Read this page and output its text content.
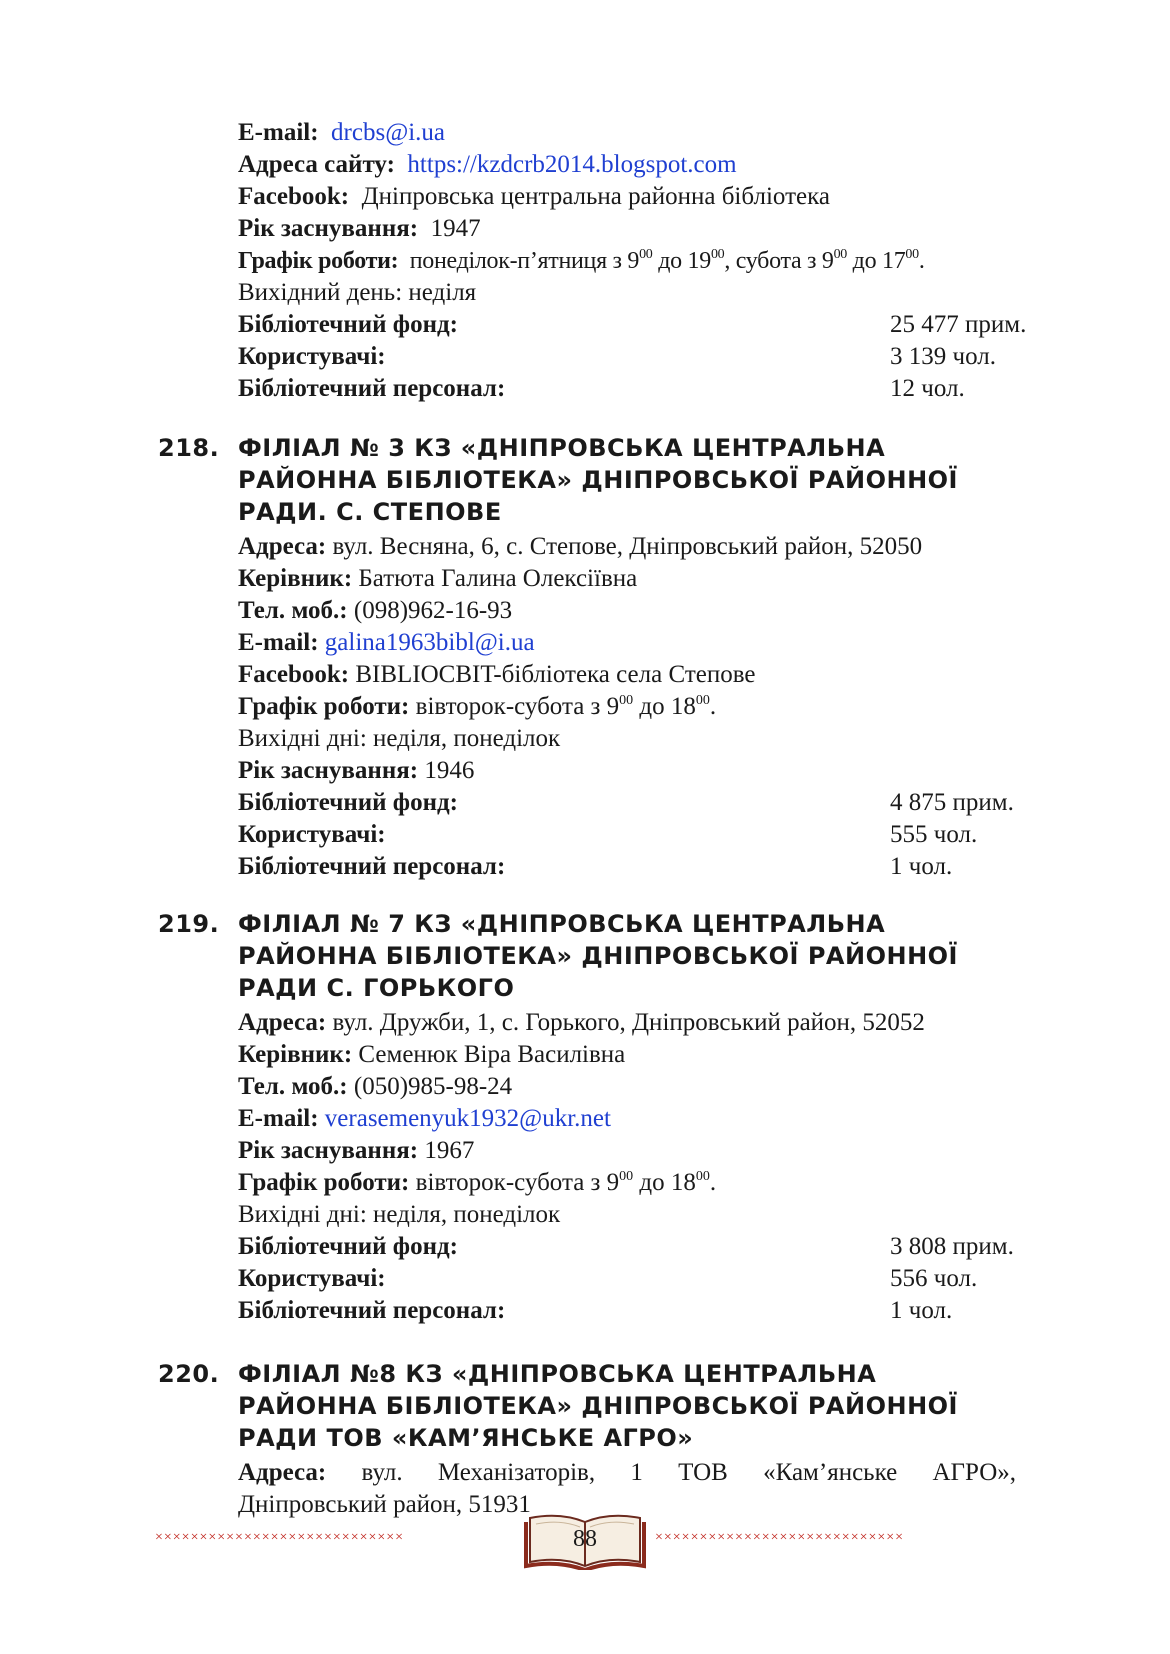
E-mail: drcbs@i.ua
Адреса сайту: https://kzdcrb2014.blogspot.com
Facebook: Дніпровська центральна районна бібліотека
Рік заснування: 1947
Графік роботи: понеділок-п’ятниця з $9^{00}$ до $19^{00}$, субота з $9^{00}$ до $17^{00}$.
Вихідний день: неділя
Бібліотечний фонд:	25 477 прим.
Користувачі:	3 139 чол.
Бібліотечний персонал:	12 чол.
218. ФІЛІАЛ № 3 КЗ «ДНІПРОВСЬКА ЦЕНТРАЛЬНА
РАЙОННА БІБЛІОТЕКА» ДНІПРОВСЬКОЇ РАЙОННОЇ
РАДИ. С. СТЕПОВЕ
Адреса: вул. Весняна, 6, с. Степове, Дніпровський район, 52050
Керівник: Батюта Галина Олексіївна
Тел. моб.: (098)962-16-93
E-mail: galina1963bibl@i.ua
Facebook: BIBLIOCBIT-бібліотека села Степове
Графік роботи: вівторок-субота з $9^{00}$ до $18^{00}$.
Вихідні дні: неділя, понеділок
Рік заснування: 1946
Бібліотечний фонд:	4 875 прим.
Користувачі:	555 чол.
Бібліотечний персонал:	1 чол.
219. ФІЛІАЛ № 7 КЗ «ДНІПРОВСЬКА ЦЕНТРАЛЬНА
РАЙОННА БІБЛІОТЕКА» ДНІПРОВСЬКОЇ РАЙОННОЇ
РАДИ С. ГОРЬКОГО
Адреса: вул. Дружби, 1, с. Горького, Дніпровський район, 52052
Керівник: Семенюк Віра Василівна
Тел. моб.: (050)985-98-24
E-mail: verasemenyuk1932@ukr.net
Рік заснування: 1967
Графік роботи: вівторок-субота з $9^{00}$ до $18^{00}$.
Вихідні дні: неділя, понеділок
Бібліотечний фонд:	3 808 прим.
Користувачі:	556 чол.
Бібліотечний персонал:	1 чол.
220. ФІЛІАЛ №8 КЗ «ДНІПРОВСЬКА ЦЕНТРАЛЬНА
РАЙОННА БІБЛІОТЕКА» ДНІПРОВСЬКОЇ РАЙОННОЇ
РАДИ ТОВ «КАМ’ЯНСЬКЕ АГРО»
Адреса: вул. Механізаторів, 1 ТОВ «Кам’янське АГРО»,
Дніпровський район, 51931
××××××××××××××××××××××××××××	××××××××××××××××××××××××××××
88
